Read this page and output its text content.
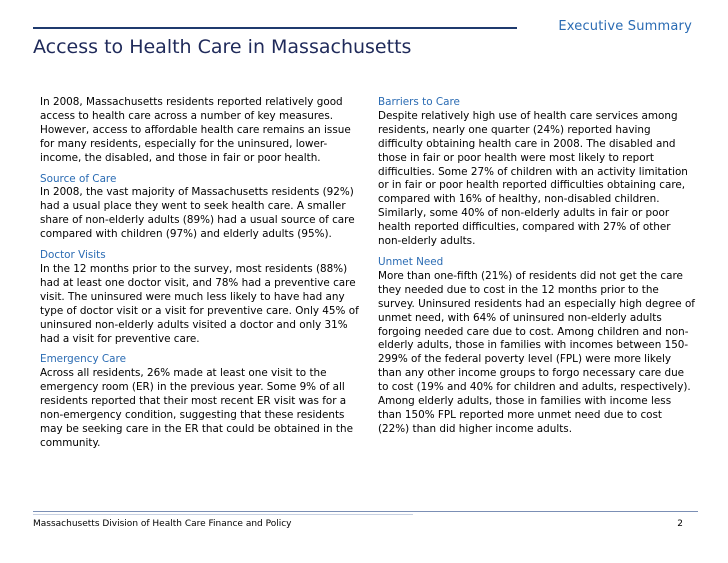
Executive Summary
Access to Health Care in Massachusetts

In 2008, Massachusetts residents reported relatively good access to health care across a number of key measures. However, access to affordable health care remains an issue for many residents, especially for the uninsured, lower-income, the disabled, and those in fair or poor health.

Source of Care

In 2008, the vast majority of Massachusetts residents (92%) had a usual place they went to seek health care. A smaller share of non-elderly adults (89%) had a usual source of care compared with children (97%) and elderly adults (95%).

Doctor Visits

In the 12 months prior to the survey, most residents (88%) had at least one doctor visit, and 78% had a preventive care visit. The uninsured were much less likely to have had any type of doctor visit or a visit for preventive care. Only 45% of uninsured non-elderly adults visited a doctor and only 31% had a visit for preventive care.

Emergency Care

Across all residents, 26% made at least one visit to the emergency room (ER) in the previous year. Some 9% of all residents reported that their most recent ER visit was for a non-emergency condition, suggesting that these residents may be seeking care in the ER that could be obtained in the community.

Barriers to Care

Despite relatively high use of health care services among residents, nearly one quarter (24%) reported having difficulty obtaining health care in 2008. The disabled and those in fair or poor health were most likely to report difficulties. Some 27% of children with an activity limitation or in fair or poor health reported difficulties obtaining care, compared with 16% of healthy, non-disabled children. Similarly, some 40% of non-elderly adults in fair or poor health reported difficulties, compared with 27% of other non-elderly adults.

Unmet Need

More than one-fifth (21%) of residents did not get the care they needed due to cost in the 12 months prior to the survey. Uninsured residents had an especially high degree of unmet need, with 64% of uninsured non-elderly adults forgoing needed care due to cost. Among children and non-elderly adults, those in families with incomes between 150-299% of the federal poverty level (FPL) were more likely than any other income groups to forgo necessary care due to cost (19% and 40% for children and adults, respectively). Among elderly adults, those in families with income less than 150% FPL reported more unmet need due to cost (22%) than did higher income adults.

Massachusetts Division of Health Care Finance and Policy	2
